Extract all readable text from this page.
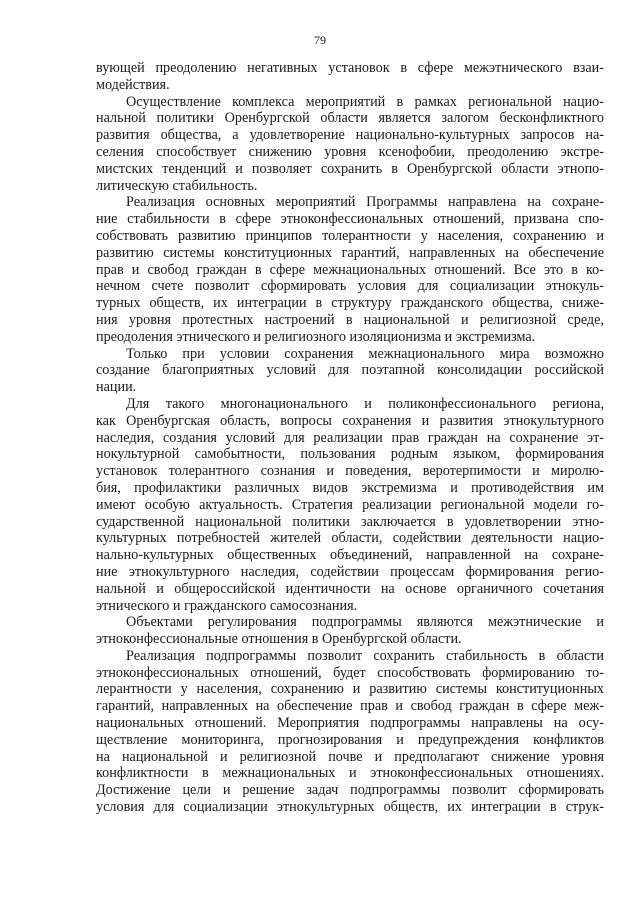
79
вующей преодолению негативных установок в сфере межэтнического взаи-
модействия.
Осуществление комплекса мероприятий в рамках региональной нацио-
нальной политики Оренбургской области является залогом бесконфликтного
развития общества, а удовлетворение национально-культурных запросов на-
селения способствует снижению уровня ксенофобии, преодолению экстре-
мистских тенденций и позволяет сохранить в Оренбургской области этнопо-
литическую стабильность.
Реализация основных мероприятий Программы направлена на сохране-
ние стабильности в сфере этноконфессиональных отношений, призвана спо-
собствовать развитию принципов толерантности у населения, сохранению и
развитию системы конституционных гарантий, направленных на обеспечение
прав и свобод граждан в сфере межнациональных отношений. Все это в ко-
нечном счете позволит сформировать условия для социализации этнокуль-
турных обществ, их интеграции в структуру гражданского общества, сниже-
ния уровня протестных настроений в национальной и религиозной среде,
преодоления этнического и религиозного изоляционизма и экстремизма.
Только при условии сохранения межнационального мира возможно
создание благоприятных условий для поэтапной консолидации российской
нации.
Для такого многонационального и поликонфессионального региона,
как Оренбургская область, вопросы сохранения и развития этнокультурного
наследия, создания условий для реализации прав граждан на сохранение эт-
нокультурной самобытности, пользования родным языком, формирования
установок толерантного сознания и поведения, веротерпимости и миролю-
бия, профилактики различных видов экстремизма и противодействия им
имеют особую актуальность. Стратегия реализации региональной модели го-
сударственной национальной политики заключается в удовлетворении этно-
культурных потребностей жителей области, содействии деятельности нацио-
нально-культурных общественных объединений, направленной на сохране-
ние этнокультурного наследия, содействии процессам формирования регио-
нальной и общероссийской идентичности на основе органичного сочетания
этнического и гражданского самосознания.
Объектами регулирования подпрограммы являются межэтнические и
этноконфессиональные отношения в Оренбургской области.
Реализация подпрограммы позволит сохранить стабильность в области
этноконфессиональных отношений, будет способствовать формированию то-
лерантности у населения, сохранению и развитию системы конституционных
гарантий, направленных на обеспечение прав и свобод граждан в сфере меж-
национальных отношений. Мероприятия подпрограммы направлены на осу-
ществление мониторинга, прогнозирования и предупреждения конфликтов
на национальной и религиозной почве и предполагают снижение уровня
конфликтности в межнациональных и этноконфессиональных отношениях.
Достижение цели и решение задач подпрограммы позволит сформировать
условия для социализации этнокультурных обществ, их интеграции в струк-
